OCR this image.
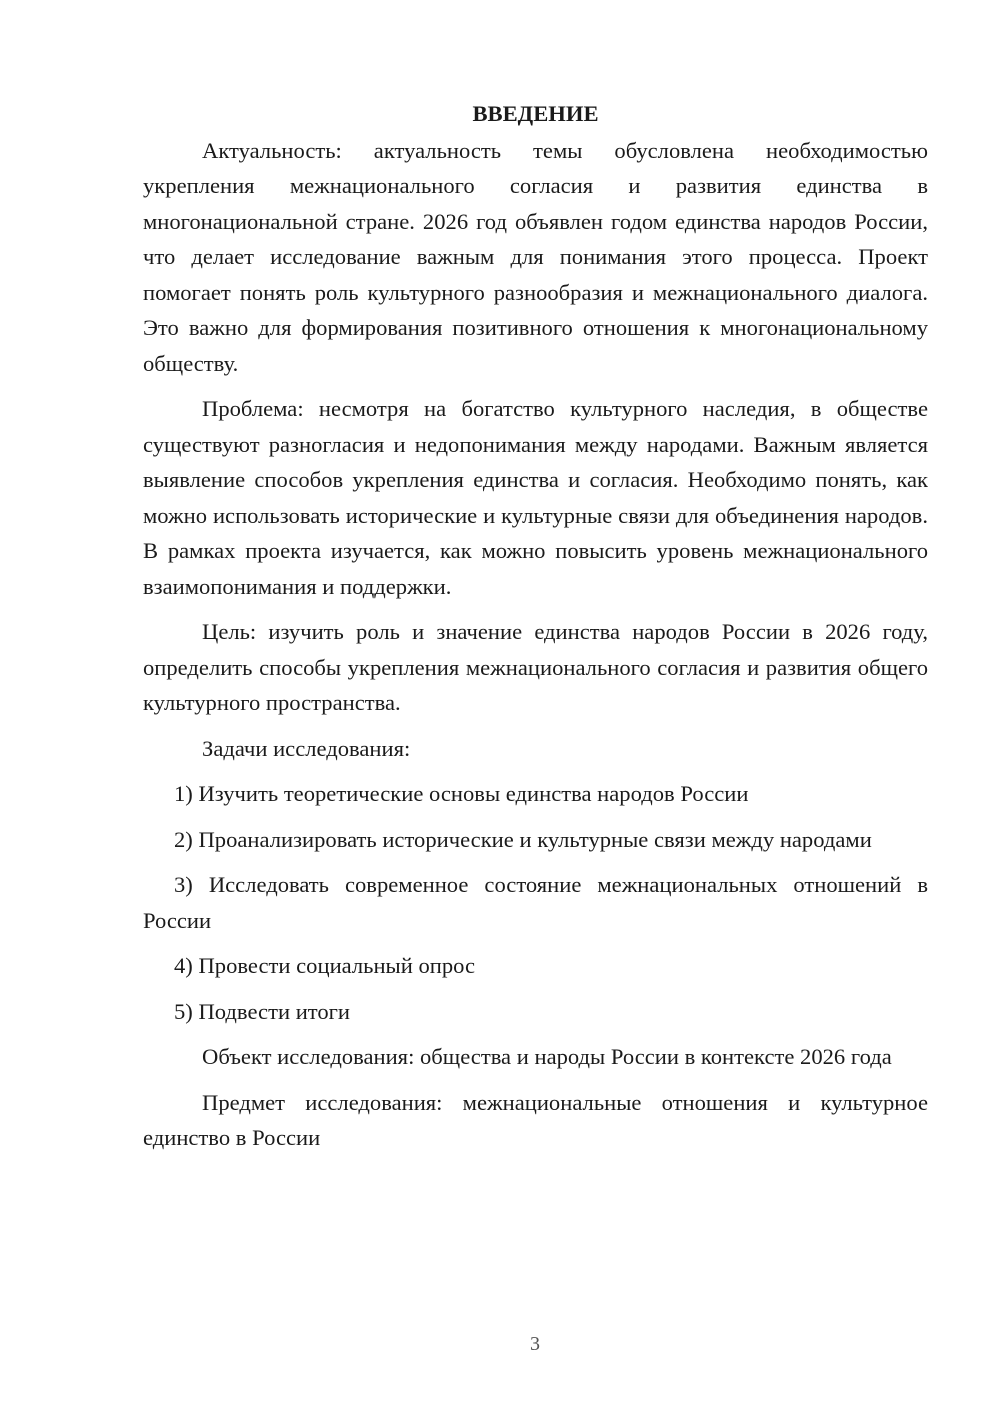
ВВЕДЕНИЕ

Актуальность: актуальность темы обусловлена необходимостью укрепления межнационального согласия и развития единства в многонациональной стране. 2026 год объявлен годом единства народов России, что делает исследование важным для понимания этого процесса. Проект помогает понять роль культурного разнообразия и межнационального диалога. Это важно для формирования позитивного отношения к многонациональному обществу.

Проблема: несмотря на богатство культурного наследия, в обществе существуют разногласия и недопонимания между народами. Важным является выявление способов укрепления единства и согласия. Необходимо понять, как можно использовать исторические и культурные связи для объединения народов. В рамках проекта изучается, как можно повысить уровень межнационального взаимопонимания и поддержки.

Цель: изучить роль и значение единства народов России в 2026 году, определить способы укрепления межнационального согласия и развития общего культурного пространства.

Задачи исследования:

1) Изучить теоретические основы единства народов России

2) Проанализировать исторические и культурные связи между народами

3) Исследовать современное состояние межнациональных отношений в России

4) Провести социальный опрос

5) Подвести итоги

Объект исследования: общества и народы России в контексте 2026 года

Предмет исследования: межнациональные отношения и культурное единство в России

3
